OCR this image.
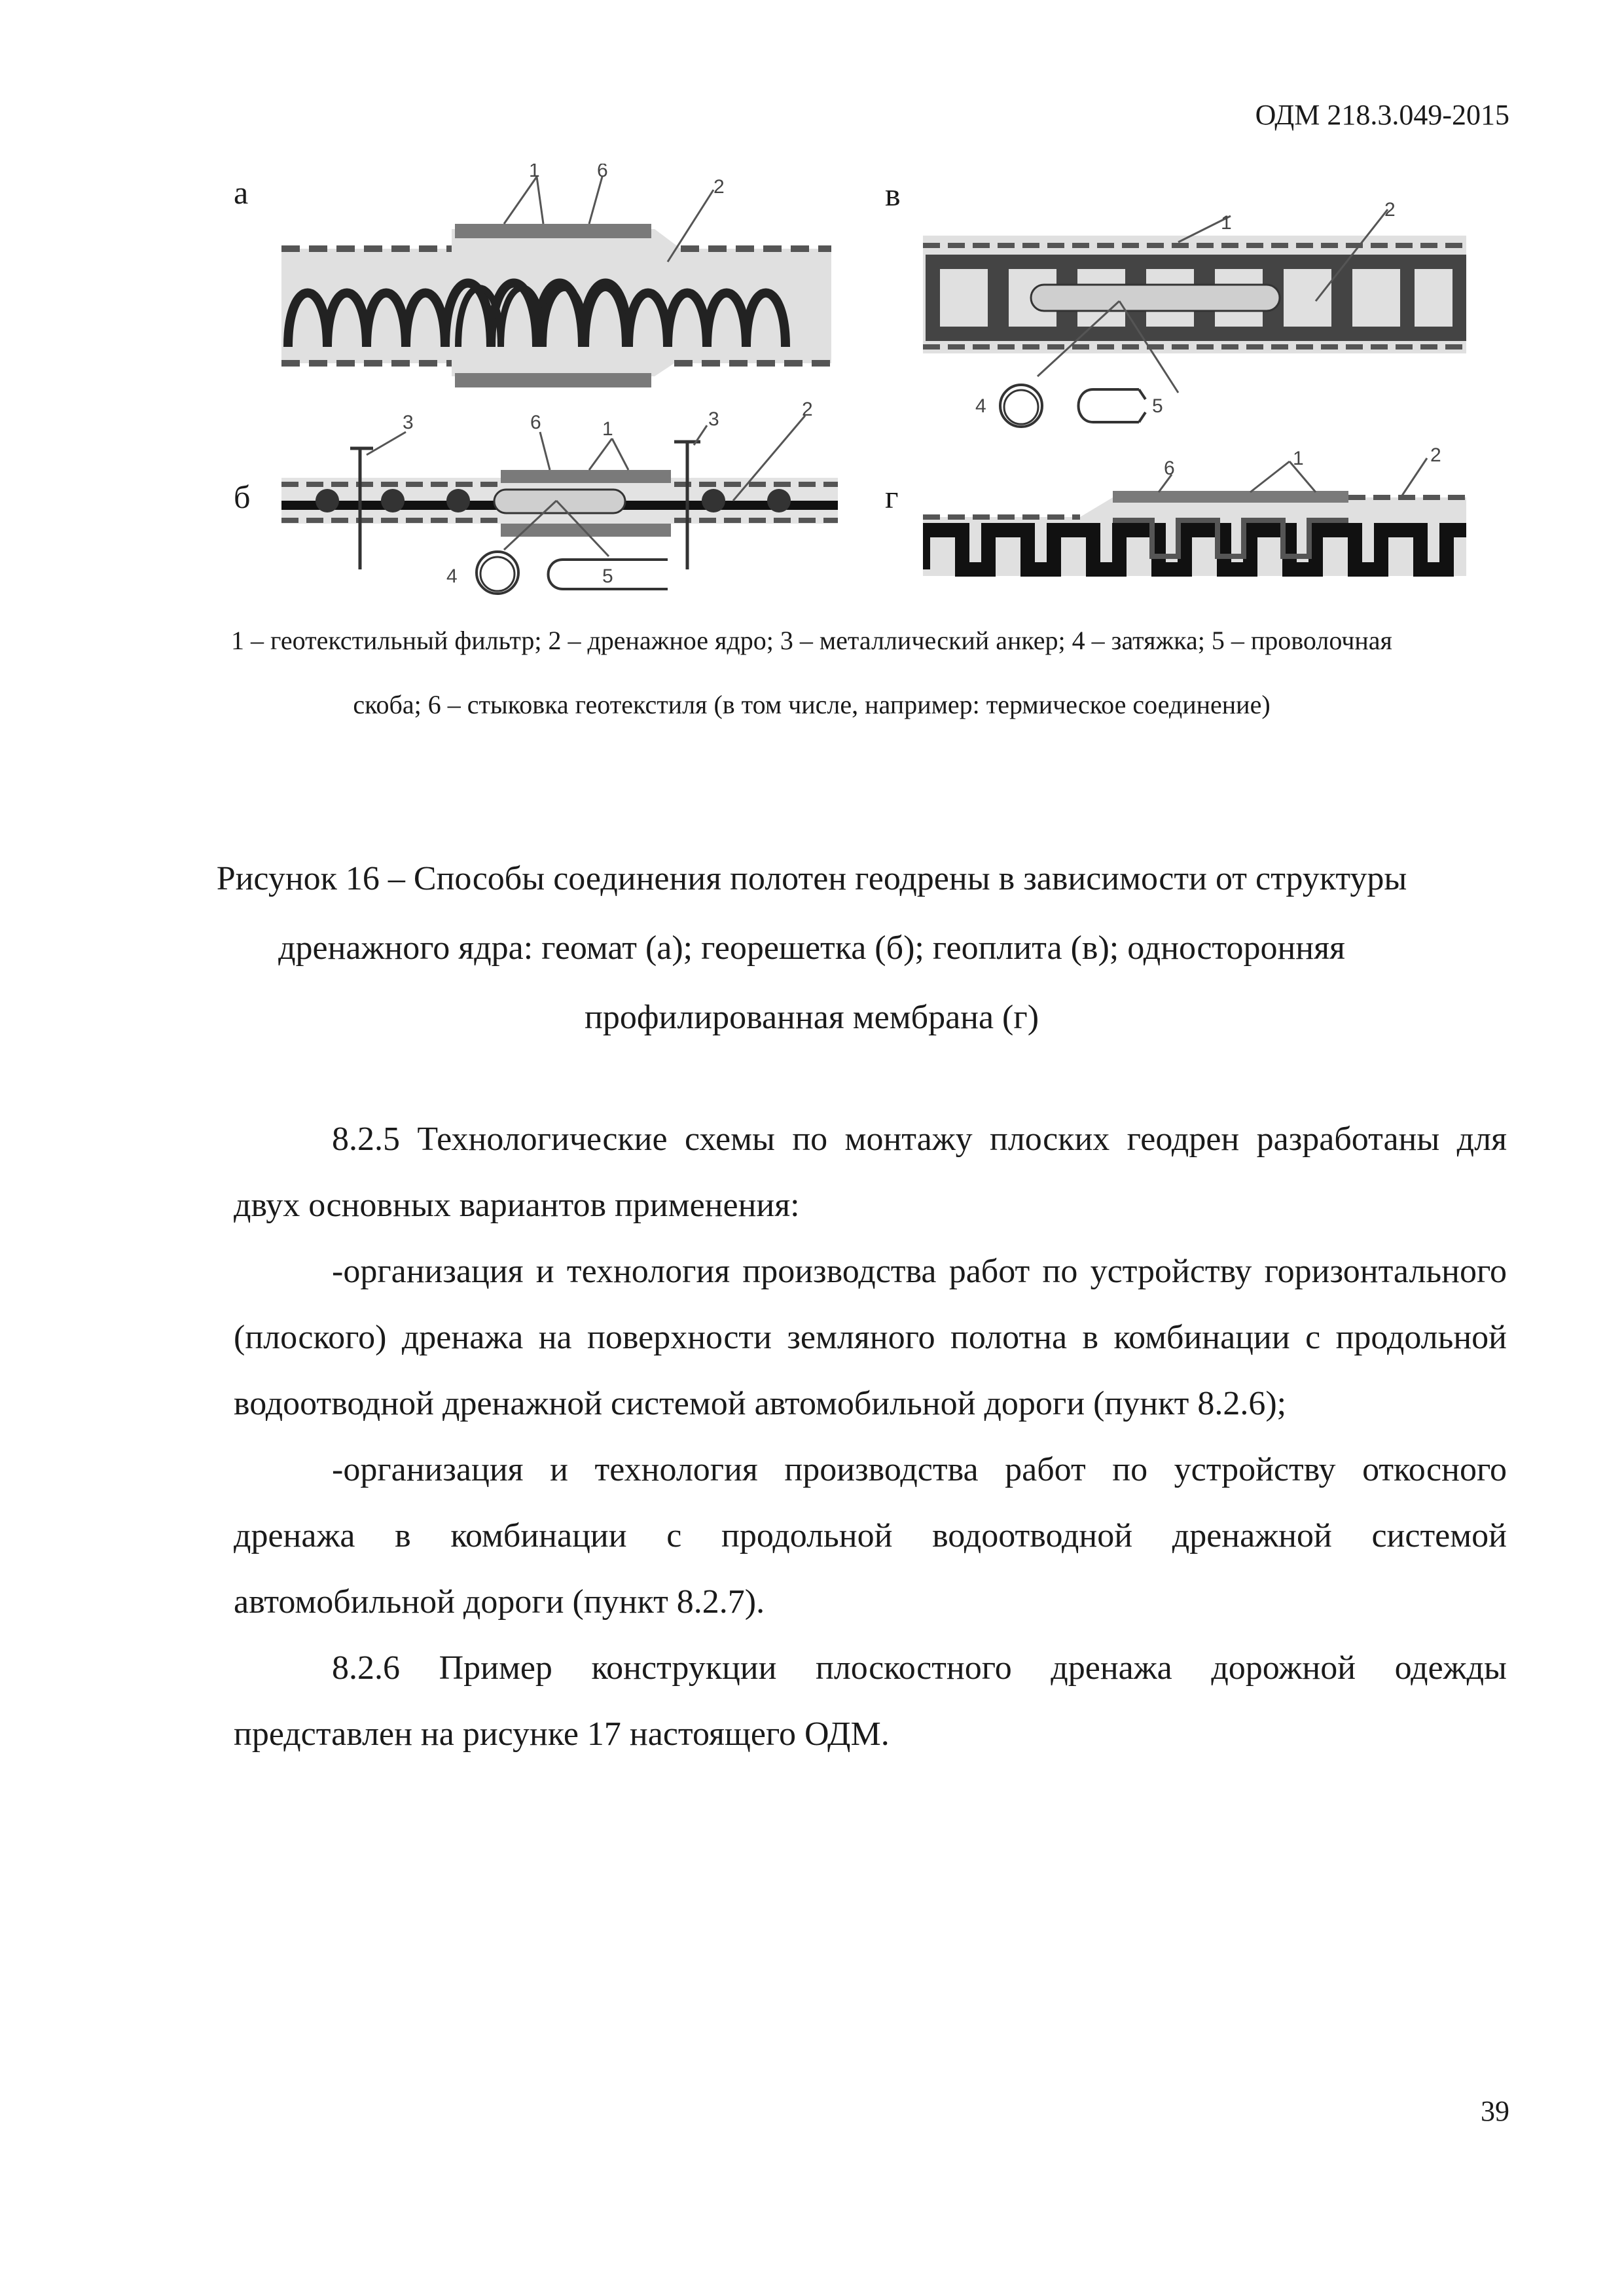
ОДМ 218.3.049-2015
а	в
б	г
1	6
2
1
2
4	5
3	6	1	3	2
4	5
6	1	2
1 – геотекстильный фильтр; 2 – дренажное ядро; 3 – металлический анкер; 4 – затяжка; 5 – проволочная скоба; 6 – стыковка геотекстиля (в том числе, например: термическое соединение)
Рисунок 16 – Способы соединения полотен геодрены в зависимости от структуры дренажного ядра: геомат (а); георешетка (б); геоплита (в); односторонняя профилированная мембрана (г)

8.2.5 Технологические схемы по монтажу плоских геодрен разработаны для двух основных вариантов применения:

-организация и технология производства работ по устройству горизонтального (плоского) дренажа на поверхности земляного полотна в комбинации с продольной водоотводной дренажной системой автомобильной дороги (пункт 8.2.6);

-организация и технология производства работ по устройству откосного дренажа в комбинации с продольной водоотводной дренажной системой автомобильной дороги (пункт 8.2.7).

8.2.6 Пример конструкции плоскостного дренажа дорожной одежды представлен на рисунке 17 настоящего ОДМ.

39
